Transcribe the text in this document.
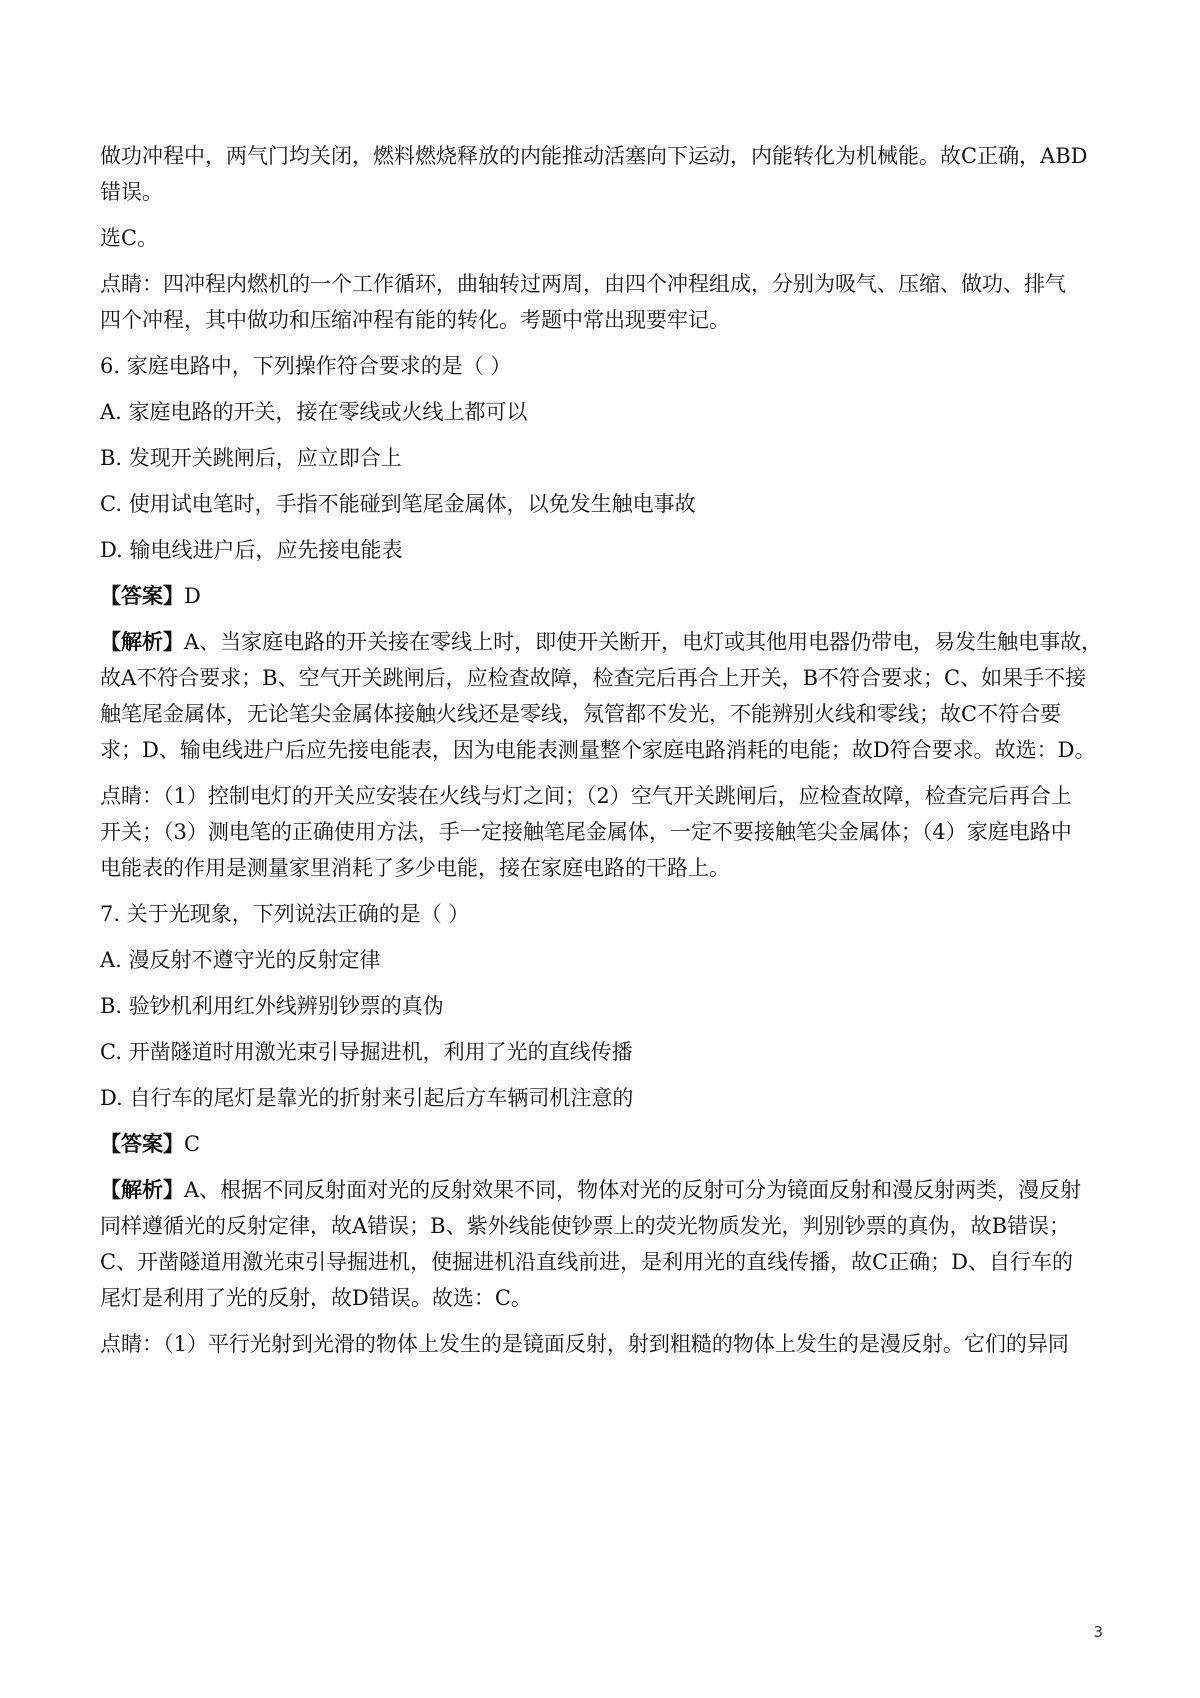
做功冲程中，两气门均关闭，燃料燃烧释放的内能推动活塞向下运动，内能转化为机械能。故C正确，ABD
错误。
选C。
点睛：四冲程内燃机的一个工作循环，曲轴转过两周，由四个冲程组成，分别为吸气、压缩、做功、排气
四个冲程，其中做功和压缩冲程有能的转化。考题中常出现要牢记。
6. 家庭电路中，下列操作符合要求的是（ ）
A. 家庭电路的开关，接在零线或火线上都可以
B. 发现开关跳闸后，应立即合上
C. 使用试电笔时，手指不能碰到笔尾金属体，以免发生触电事故
D. 输电线进户后，应先接电能表
【答案】D
【解析】A、当家庭电路的开关接在零线上时，即使开关断开，电灯或其他用电器仍带电，易发生触电事故，
故A不符合要求；B、空气开关跳闸后，应检查故障，检查完后再合上开关，B不符合要求；C、如果手不接
触笔尾金属体，无论笔尖金属体接触火线还是零线，氖管都不发光，不能辨别火线和零线；故C不符合要
求；D、输电线进户后应先接电能表，因为电能表测量整个家庭电路消耗的电能；故D符合要求。故选：D。
点睛：（1）控制电灯的开关应安装在火线与灯之间；（2）空气开关跳闸后，应检查故障，检查完后再合上
开关；（3）测电笔的正确使用方法，手一定接触笔尾金属体，一定不要接触笔尖金属体；（4）家庭电路中
电能表的作用是测量家里消耗了多少电能，接在家庭电路的干路上。
7. 关于光现象，下列说法正确的是（ ）
A. 漫反射不遵守光的反射定律
B. 验钞机利用红外线辨别钞票的真伪
C. 开凿隧道时用激光束引导掘进机，利用了光的直线传播
D. 自行车的尾灯是靠光的折射来引起后方车辆司机注意的
【答案】C
【解析】A、根据不同反射面对光的反射效果不同，物体对光的反射可分为镜面反射和漫反射两类，漫反射
同样遵循光的反射定律，故A错误；B、紫外线能使钞票上的荧光物质发光，判别钞票的真伪，故B错误；
C、开凿隧道用激光束引导掘进机，使掘进机沿直线前进，是利用光的直线传播，故C正确；D、自行车的
尾灯是利用了光的反射，故D错误。故选：C。
点睛：（1）平行光射到光滑的物体上发生的是镜面反射，射到粗糙的物体上发生的是漫反射。它们的异同
3
